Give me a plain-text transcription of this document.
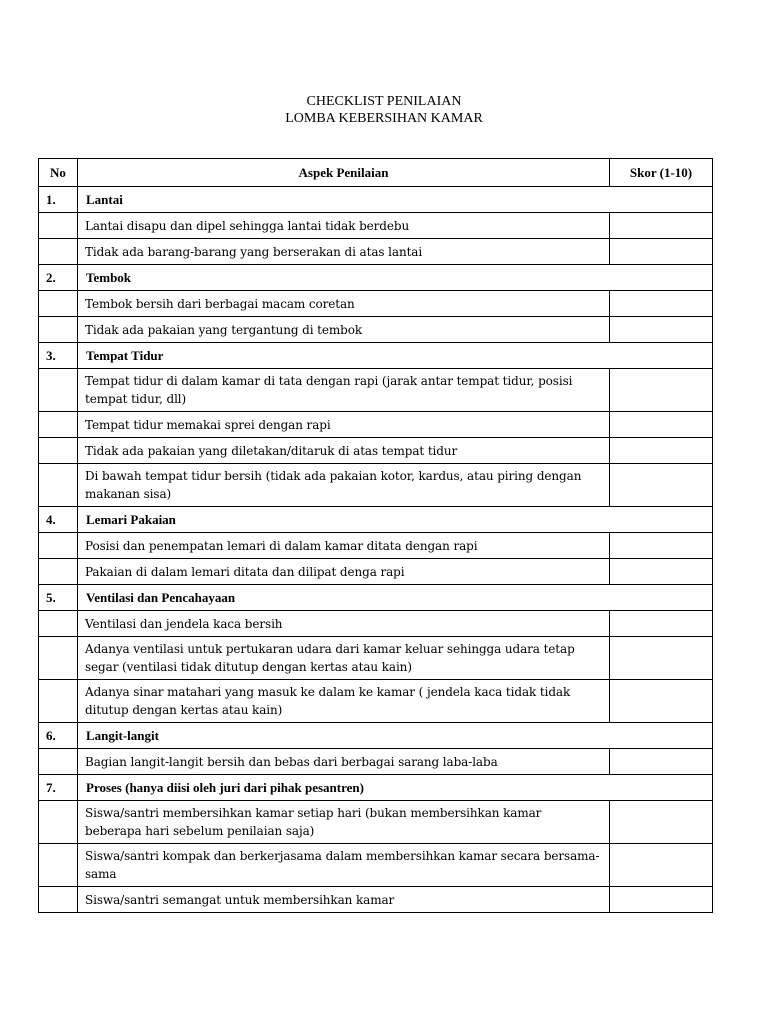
CHECKLIST PENILAIAN
LOMBA KEBERSIHAN KAMAR
No	Aspek Penilaian	Skor (1-10)
1.	Lantai	
	Lantai disapu dan dipel sehingga lantai tidak berdebu	
	Tidak ada barang-barang yang berserakan di atas lantai	
2.	Tembok	
	Tembok bersih dari berbagai macam coretan	
	Tidak ada pakaian yang tergantung di tembok	
3.	Tempat Tidur	
	Tempat tidur di dalam kamar di tata dengan rapi (jarak antar tempat tidur, posisi tempat tidur, dll)	
	Tempat tidur memakai sprei dengan rapi	
	Tidak ada pakaian yang diletakan/ditaruk di atas tempat tidur	
	Di bawah tempat tidur bersih (tidak ada pakaian kotor, kardus, atau piring dengan makanan sisa)	
4.	Lemari Pakaian	
	Posisi dan penempatan lemari di dalam kamar ditata dengan rapi	
	Pakaian di dalam lemari ditata dan dilipat denga rapi	
5.	Ventilasi dan Pencahayaan	
	Ventilasi dan jendela kaca bersih	
	Adanya ventilasi untuk pertukaran udara dari kamar keluar sehingga udara tetap segar (ventilasi tidak ditutup dengan kertas atau kain)	
	Adanya sinar matahari yang masuk ke dalam ke kamar ( jendela kaca tidak tidak ditutup dengan kertas atau kain)	
6.	Langit-langit	
	Bagian langit-langit bersih dan bebas dari berbagai sarang laba-laba	
7.	Proses (hanya diisi oleh juri dari pihak pesantren)	
	Siswa/santri membersihkan kamar setiap hari (bukan membersihkan kamar beberapa hari sebelum penilaian saja)	
	Siswa/santri kompak dan berkerjasama dalam membersihkan kamar secara bersama-sama	
	Siswa/santri semangat untuk membersihkan kamar	
